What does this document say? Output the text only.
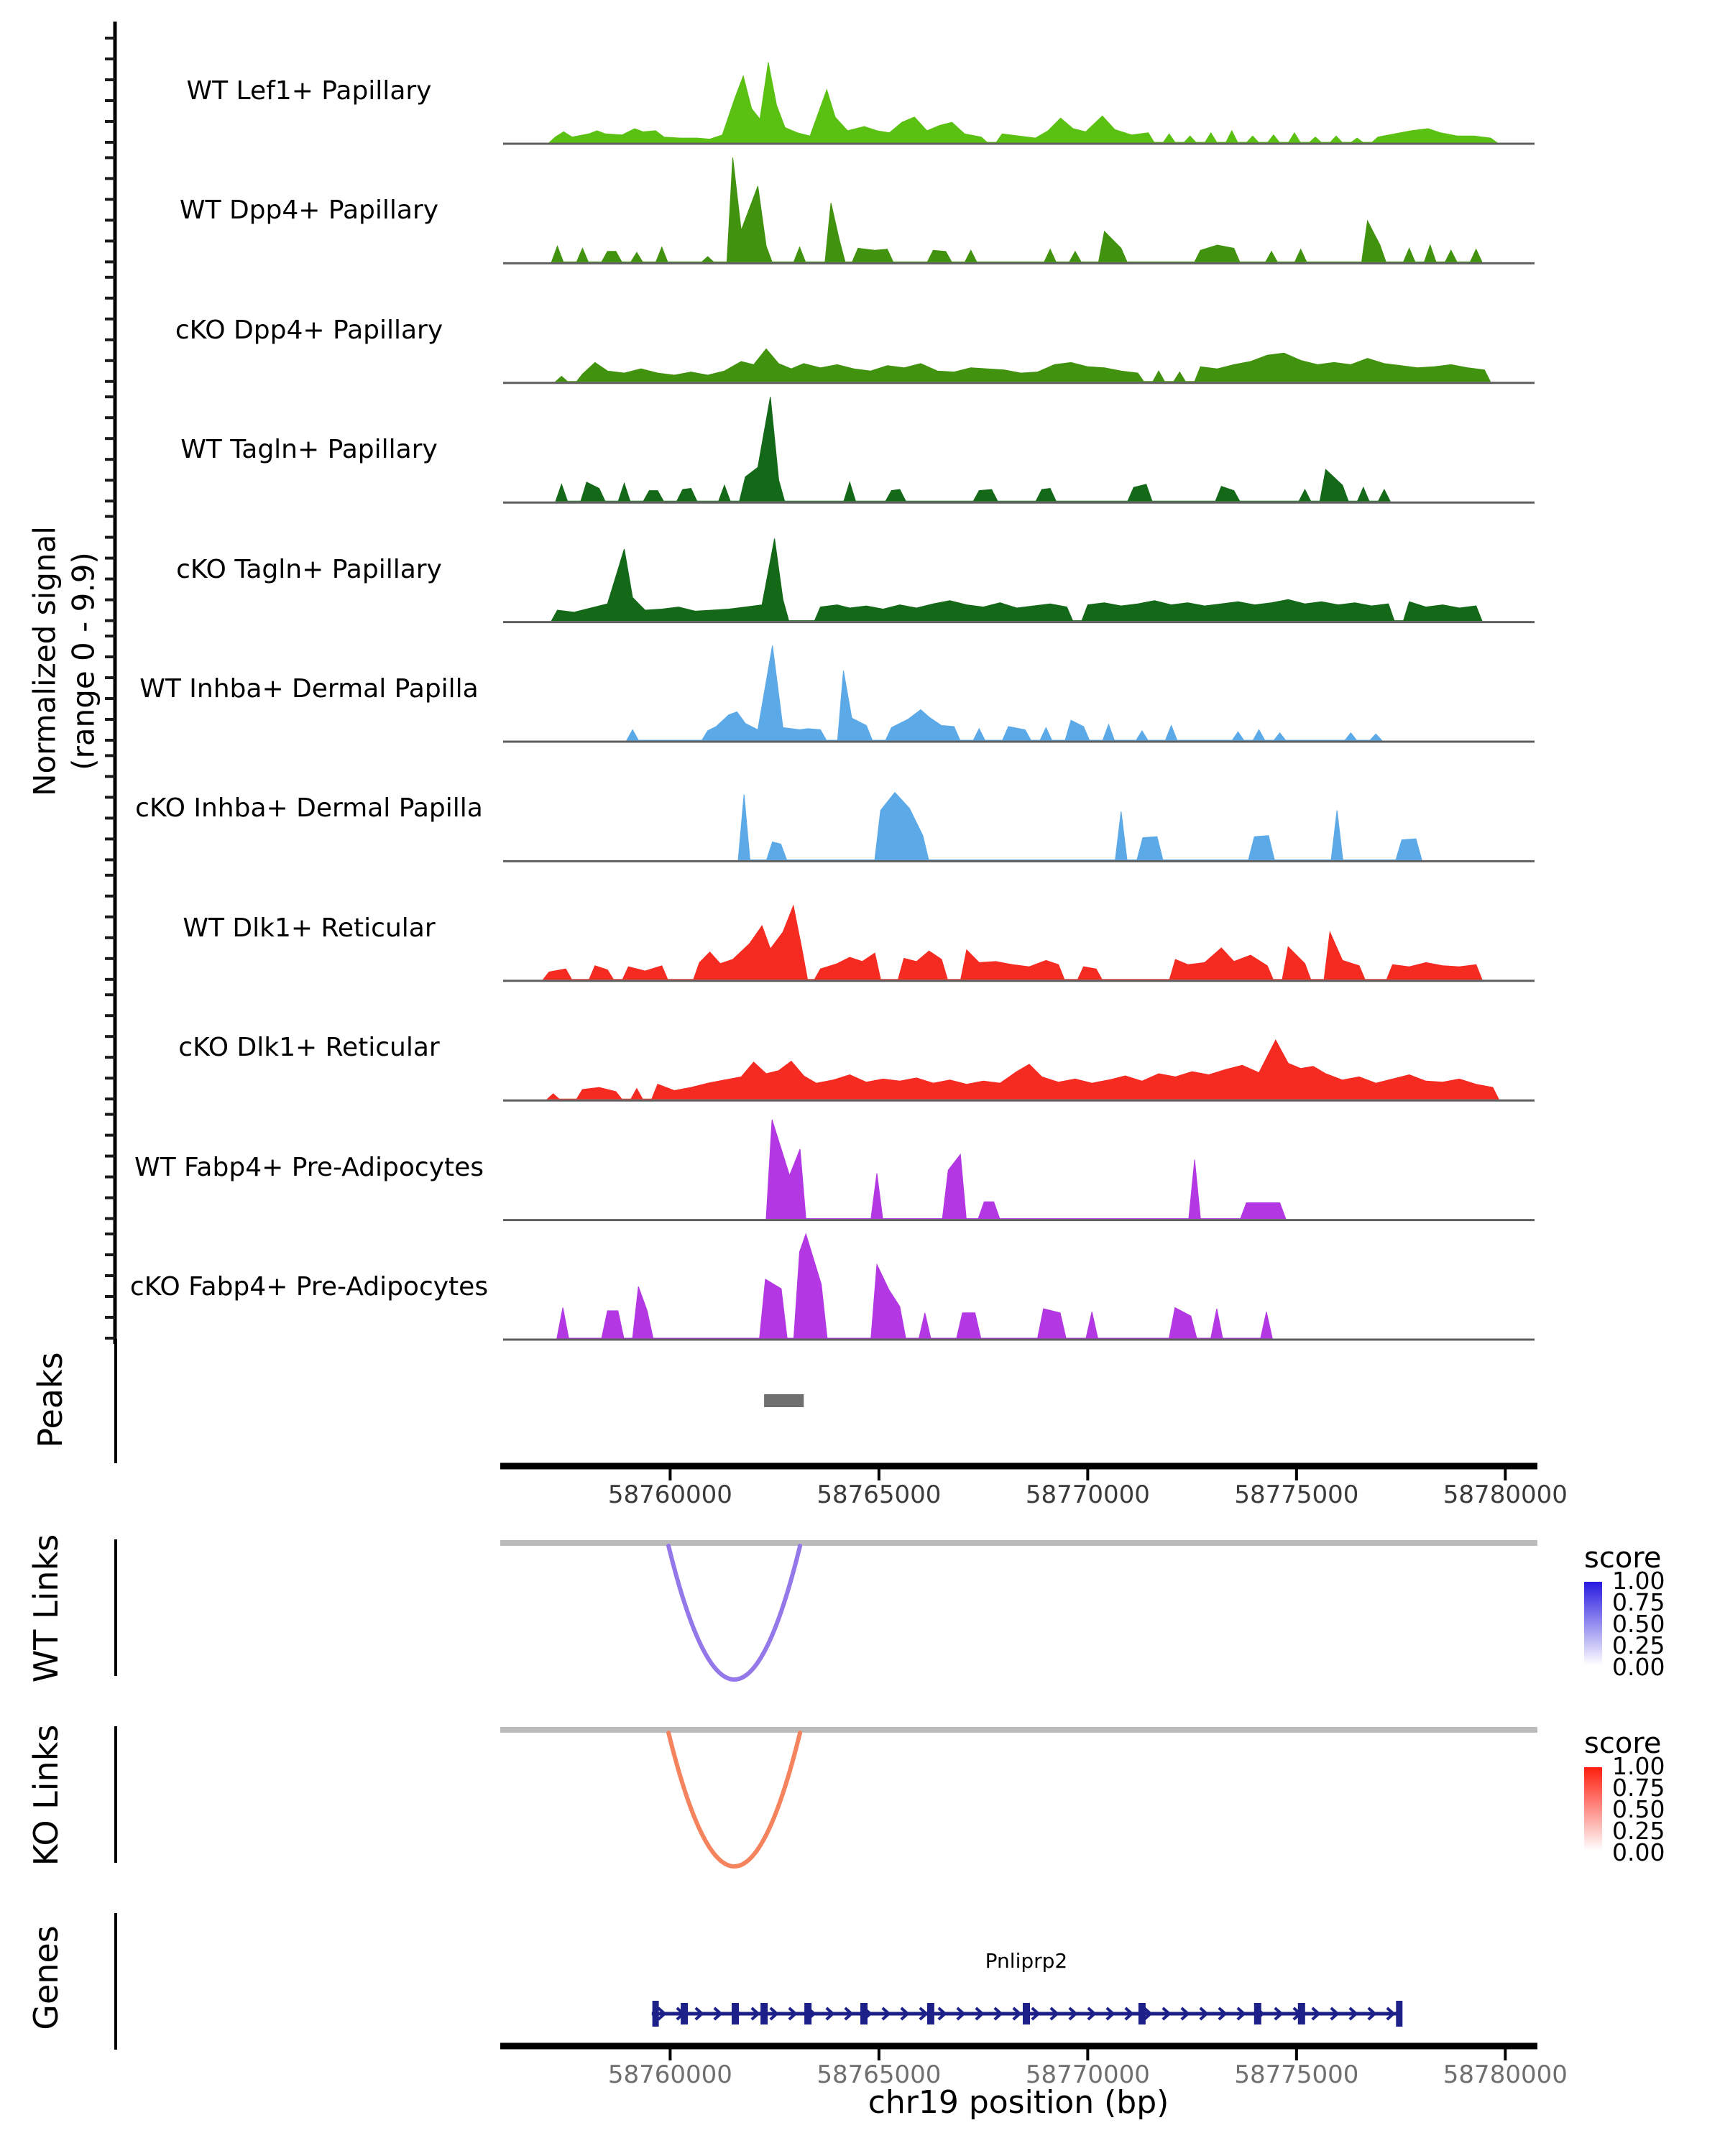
Normalized signal (range 0 - 9.9)
Peaks
WT Links
KO Links
Genes
score
1.00
0.75
0.50
0.25
0.00
score
1.00
0.75
0.50
0.25
0.00
chr19 position (bp)
WT Lef1+ Papillary
WT Dpp4+ Papillary
cKO Dpp4+ Papillary
WT Tagln+ Papillary
cKO Tagln+ Papillary
WT Inhba+ Dermal Papilla
cKO Inhba+ Dermal Papilla
WT Dlk1+ Reticular
cKO Dlk1+ Reticular
WT Fabp4+ Pre-Adipocytes
cKO Fabp4+ Pre-Adipocytes
58760000	58765000	58770000	58775000	58780000
58760000	58765000	58770000	58775000	58780000
Pnliprp2
